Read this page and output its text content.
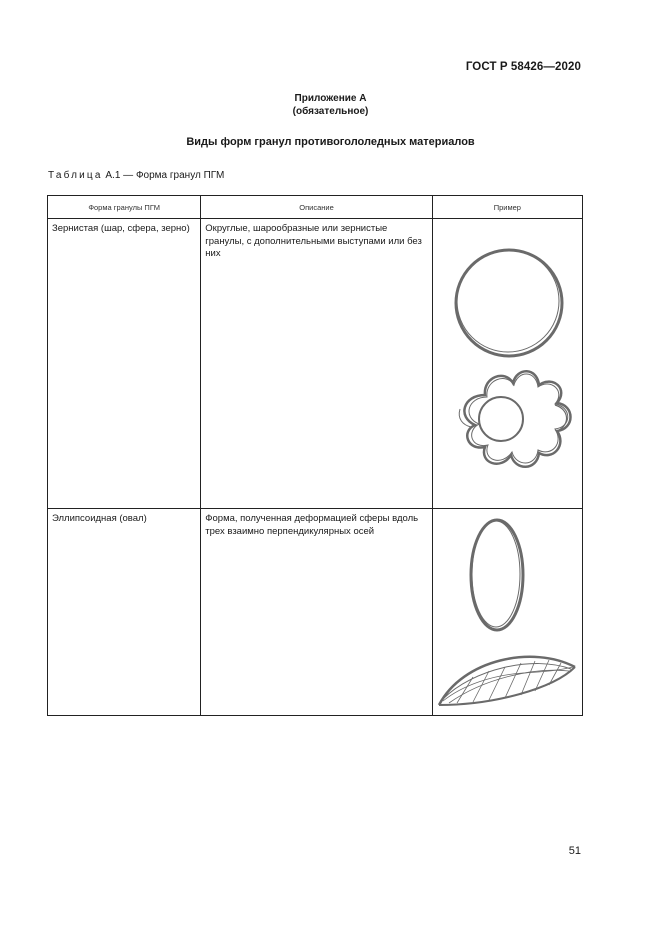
ГОСТ Р 58426—2020
Приложение А
(обязательное)
Виды форм гранул противогололедных материалов
Таблица А.1 — Форма гранул ПГМ
Форма гранулы ПГМ	Описание	Пример

Зернистая (шар, сфера, зерно)	Округлые, шарообразные или зернистые гранулы, с дополнительными выступами или без них

Эллипсоидная (овал)	Форма, полученная деформацией сферы вдоль трех взаимно перпендикулярных осей

51
